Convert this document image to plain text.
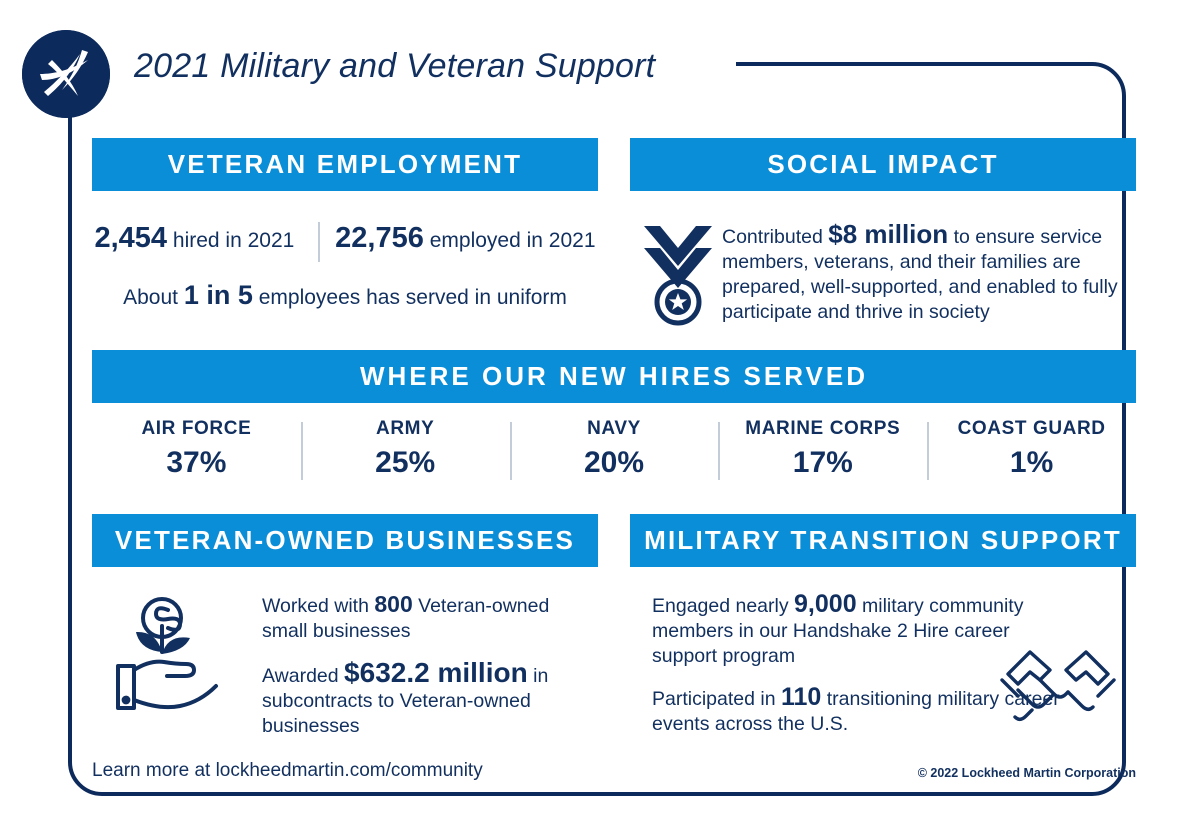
2021 Military and Veteran Support
VETERAN EMPLOYMENT
2,454 hired in 2021 22,756 employed in 2021
About 1 in 5 employees has served in uniform
SOCIAL IMPACT
Contributed $8 million to ensure service members, veterans, and their families are prepared, well-supported, and enabled to fully participate and thrive in society
WHERE OUR NEW HIRES SERVED
AIR FORCE
37%
ARMY
25%
NAVY
20%
MARINE CORPS
17%
COAST GUARD
1%
VETERAN-OWNED BUSINESSES
Worked with 800 Veteran-owned small businesses
Awarded $632.2 million in subcontracts to Veteran-owned businesses
MILITARY TRANSITION SUPPORT
Engaged nearly 9,000 military community members in our Handshake 2 Hire career support program
Participated in 110 transitioning military career events across the U.S.
Learn more at lockheedmartin.com/community	© 2022 Lockheed Martin Corporation
